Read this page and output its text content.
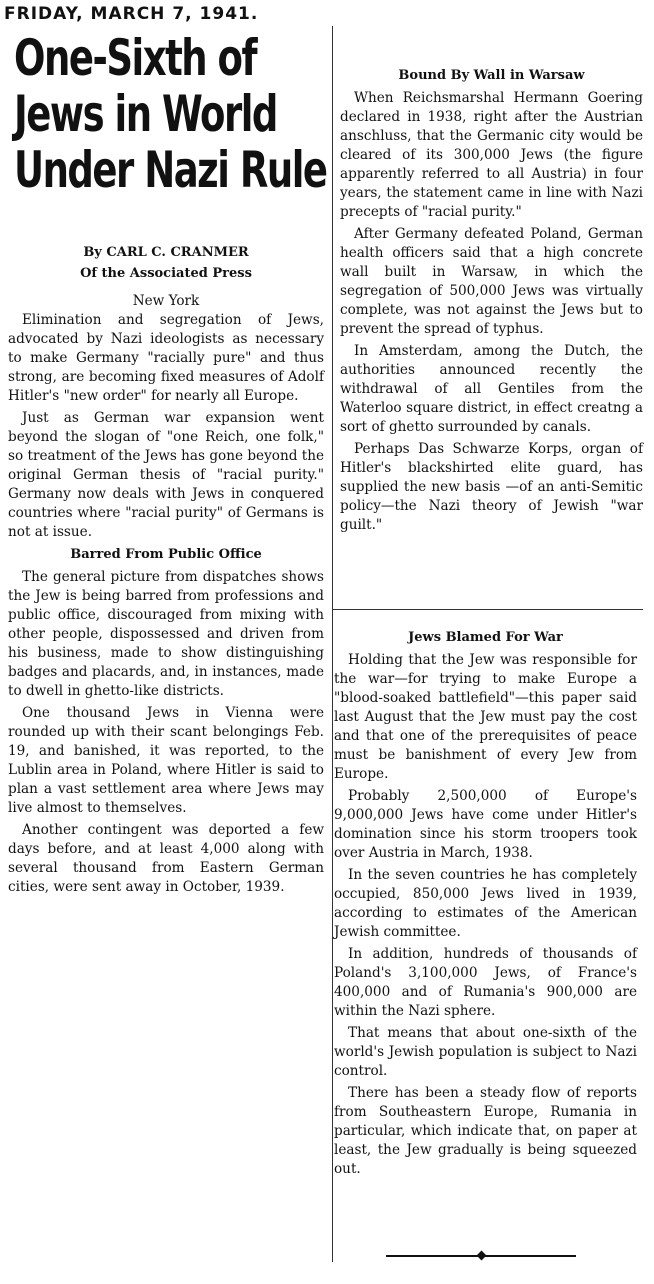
FRIDAY, MARCH 7, 1941.
One-Sixth of
Jews in World
Under Nazi Rule
By CARL C. CRANMER
Of the Associated Press

New York

Elimination and segregation of Jews, advocated by Nazi ideologists as necessary to make Germany "racially pure" and thus strong, are becoming fixed measures of Adolf Hitler's "new order" for nearly all Europe.

Just as German war expansion went beyond the slogan of "one Reich, one folk," so treatment of the Jews has gone beyond the original German thesis of "racial purity." Germany now deals with Jews in conquered countries where "racial purity" of Germans is not at issue.

Barred From Public Office

The general picture from dispatches shows the Jew is being barred from professions and public office, discouraged from mixing with other people, dispossessed and driven from his business, made to show distinguishing badges and placards, and, in instances, made to dwell in ghetto-like districts.

One thousand Jews in Vienna were rounded up with their scant belongings Feb. 19, and banished, it was reported, to the Lublin area in Poland, where Hitler is said to plan a vast settlement area where Jews may live almost to themselves.

Another contingent was deported a few days before, and at least 4,000 along with several thousand from Eastern German cities, were sent away in October, 1939.

Bound By Wall in Warsaw

When Reichsmarshal Hermann Goering declared in 1938, right after the Austrian anschluss, that the Germanic city would be cleared of its 300,000 Jews (the figure apparently referred to all Austria) in four years, the statement came in line with Nazi precepts of "racial purity."

After Germany defeated Poland, German health officers said that a high concrete wall built in Warsaw, in which the segregation of 500,000 Jews was virtually complete, was not against the Jews but to prevent the spread of typhus.

In Amsterdam, among the Dutch, the authorities announced recently the withdrawal of all Gentiles from the Waterloo square district, in effect creatng a sort of ghetto surrounded by canals.

Perhaps Das Schwarze Korps, organ of Hitler's blackshirted elite guard, has supplied the new basis —of an anti-Semitic policy—the Nazi theory of Jewish "war guilt."

Jews Blamed For War

Holding that the Jew was responsible for the war—for trying to make Europe a "blood-soaked battlefield"—this paper said last August that the Jew must pay the cost and that one of the prerequisites of peace must be banishment of every Jew from Europe.

Probably 2,500,000 of Europe's 9,000,000 Jews have come under Hitler's domination since his storm troopers took over Austria in March, 1938.

In the seven countries he has completely occupied, 850,000 Jews lived in 1939, according to estimates of the American Jewish committee.

In addition, hundreds of thousands of Poland's 3,100,000 Jews, of France's 400,000 and of Rumania's 900,000 are within the Nazi sphere.

That means that about one-sixth of the world's Jewish population is subject to Nazi control.

There has been a steady flow of reports from Southeastern Europe, Rumania in particular, which indicate that, on paper at least, the Jew gradually is being squeezed out.
